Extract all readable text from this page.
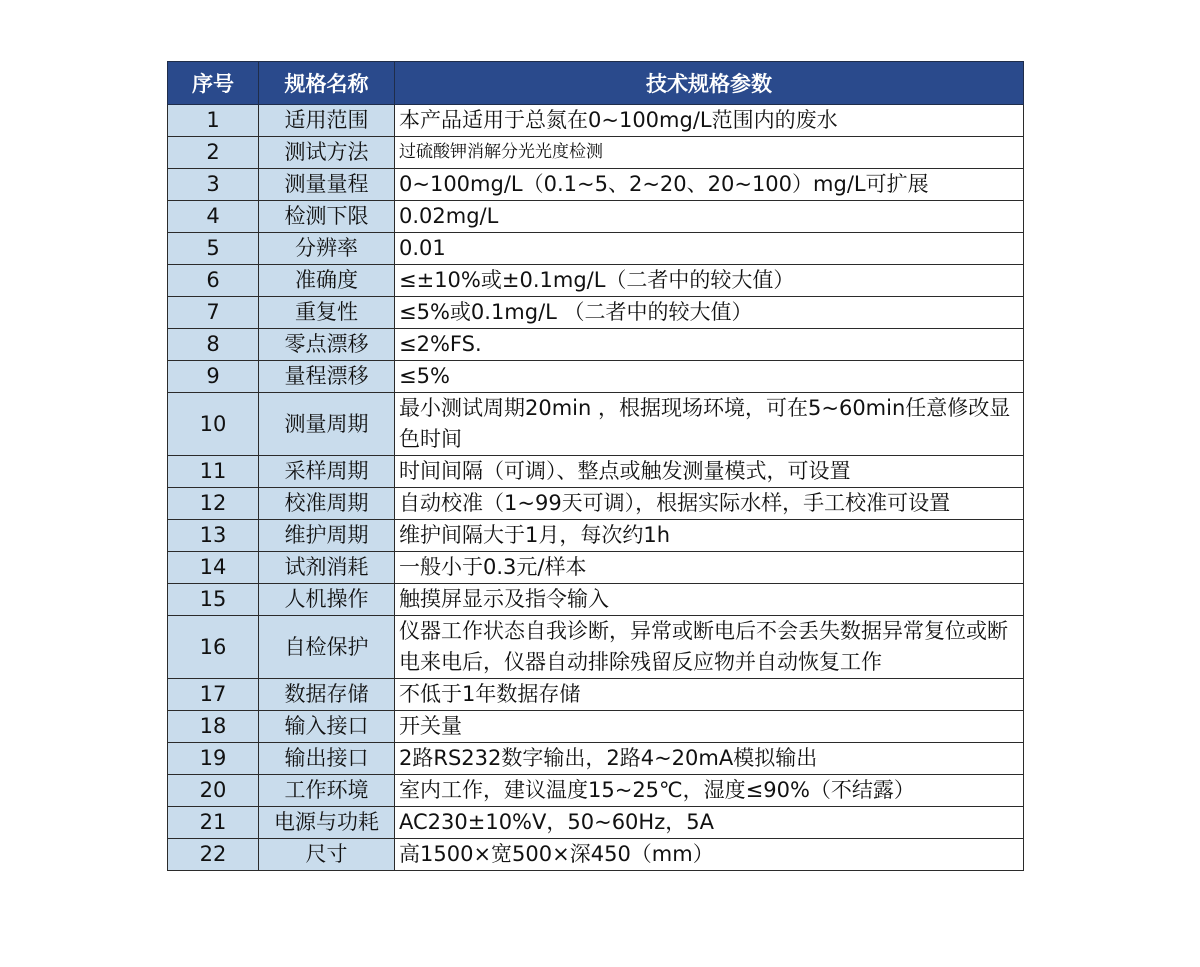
序号	规格名称	技术规格参数
1	适用范围	本产品适用于总氮在0~100mg/L范围内的废水
2	测试方法	过硫酸钾消解分光光度检测
3	测量量程	0~100mg/L（0.1~5、2~20、20~100）mg/L可扩展
4	检测下限	0.02mg/L
5	分辨率	0.01
6	准确度	≤±10%或±0.1mg/L（二者中的较大值）
7	重复性	≤5%或0.1mg/L （二者中的较大值）
8	零点漂移	≤2%FS.
9	量程漂移	≤5%
10	测量周期	最小测试周期20min ，根据现场环境，可在5~60min任意修改显色时间
11	采样周期	时间间隔（可调）、整点或触发测量模式，可设置
12	校准周期	自动校准（1~99天可调），根据实际水样，手工校准可设置
13	维护周期	维护间隔大于1月，每次约1h
14	试剂消耗	一般小于0.3元/样本
15	人机操作	触摸屏显示及指令输入
16	自检保护	仪器工作状态自我诊断，异常或断电后不会丢失数据异常复位或断电来电后，仪器自动排除残留反应物并自动恢复工作
17	数据存储	不低于1年数据存储
18	输入接口	开关量
19	输出接口	2路RS232数字输出，2路4~20mA模拟输出
20	工作环境	室内工作，建议温度15~25℃，湿度≤90%（不结露）
21	电源与功耗	AC230±10%V，50~60Hz，5A
22	尺寸	高1500×宽500×深450（mm）
